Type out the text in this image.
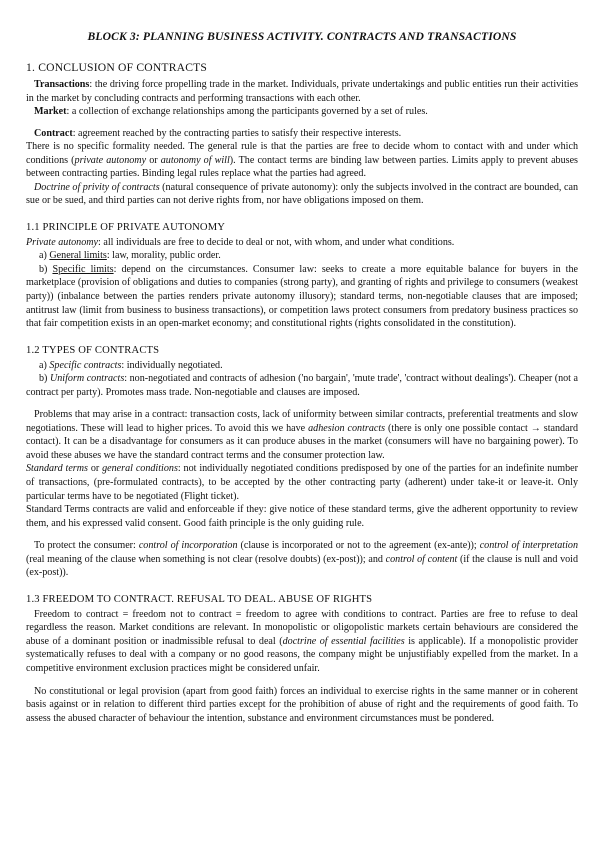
BLOCK 3: PLANNING BUSINESS ACTIVITY. CONTRACTS AND TRANSACTIONS
1. CONCLUSION OF CONTRACTS

Transactions: the driving force propelling trade in the market. Individuals, private undertakings and public entities run their activities in the market by concluding contracts and performing transactions with each other.

Market: a collection of exchange relationships among the participants governed by a set of rules.

Contract: agreement reached by the contracting parties to satisfy their respective interests.

There is no specific formality needed. The general rule is that the parties are free to decide whom to contact with and under which conditions (private autonomy or autonomy of will). The contact terms are binding law between parties. Limits apply to prevent abuses between contracting parties. Binding legal rules replace what the parties had agreed.

Doctrine of privity of contracts (natural consequence of private autonomy): only the subjects involved in the contract are bounded, can sue or be sued, and third parties can not derive rights from, nor have obligations imposed on them.

1.1 PRINCIPLE OF PRIVATE AUTONOMY

Private autonomy: all individuals are free to decide to deal or not, with whom, and under what conditions.

a) General limits: law, morality, public order.

b) Specific limits: depend on the circumstances. Consumer law: seeks to create a more equitable balance for buyers in the marketplace (provision of obligations and duties to companies (strong party), and granting of rights and privilege to consumers (weakest party)) (inbalance between the parties renders private autonomy illusory); standard terms, non-negotiable clauses that are imposed; antitrust law (limit from business to business transactions), or competition laws protect consumers from predatory business practices so that fair competition exists in an open-market economy; and constitutional rights (rights consolidated in the constitution).

1.2 TYPES OF CONTRACTS

a) Specific contracts: individually negotiated.

b) Uniform contracts: non-negotiated and contracts of adhesion ('no bargain', 'mute trade', 'contract without dealings'). Cheaper (not a contract per party). Promotes mass trade. Non-negotiable and clauses are imposed.

Problems that may arise in a contract: transaction costs, lack of uniformity between similar contracts, preferential treatments and slow negotiations. These will lead to higher prices. To avoid this we have adhesion contracts (there is only one possible contact → standard contact). It can be a disadvantage for consumers as it can produce abuses in the market (consumers will have no bargaining power). To avoid these abuses we have the standard contract terms and the consumer protection law.

Standard terms or general conditions: not individually negotiated conditions predisposed by one of the parties for an indefinite number of transactions, (pre-formulated contracts), to be accepted by the other contracting party (adherent) under take-it or leave-it. Only particular terms have to be negotiated (Flight ticket).

Standard Terms contracts are valid and enforceable if they: give notice of these standard terms, give the adherent opportunity to review them, and his expressed valid consent. Good faith principle is the only guiding rule.

To protect the consumer: control of incorporation (clause is incorporated or not to the agreement (ex-ante)); control of interpretation (real meaning of the clause when something is not clear (resolve doubts) (ex-post)); and control of content (if the clause is null and void (ex-post)).

1.3 FREEDOM TO CONTRACT. REFUSAL TO DEAL. ABUSE OF RIGHTS

Freedom to contract = freedom not to contract = freedom to agree with conditions to contract. Parties are free to refuse to deal regardless the reason. Market conditions are relevant. In monopolistic or oligopolistic markets certain behaviours are considered the abuse of a dominant position or inadmissible refusal to deal (doctrine of essential facilities is applicable). If a monopolistic provider systematically refuses to deal with a company or no good reasons, the company might be unjustifiably expelled from the market. In a competitive environment exclusion practices might be considered unfair.

No constitutional or legal provision (apart from good faith) forces an individual to exercise rights in the same manner or in coherent basis against or in relation to different third parties except for the prohibition of abuse of right and the requirements of good faith. To assess the abused character of behaviour the intention, substance and environment circumstances must be pondered.
